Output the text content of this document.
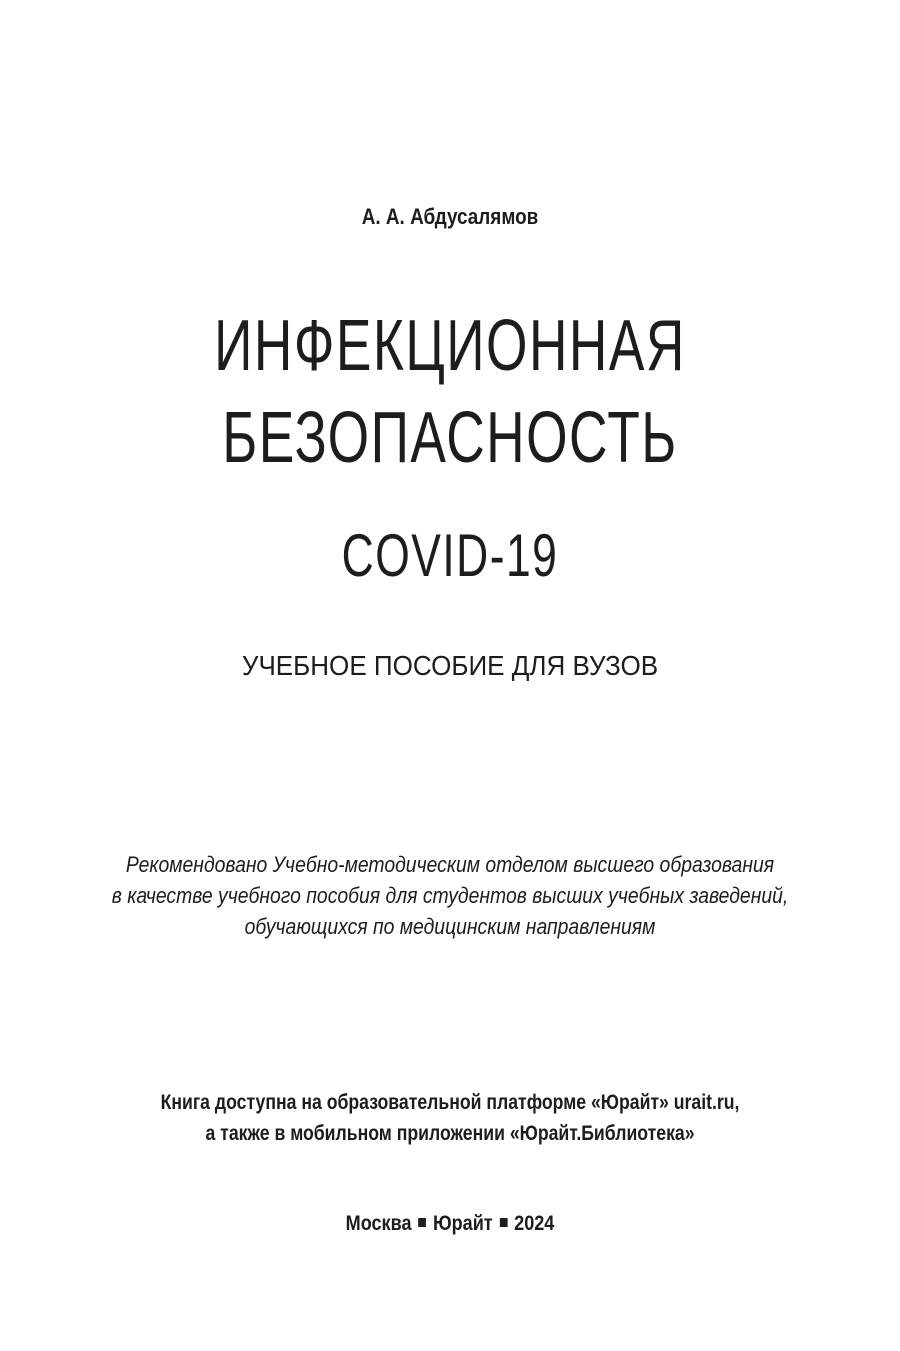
А. А. Абдусалямов
ИНФЕКЦИОННАЯ
БЕЗОПАСНОСТЬ
COVID-19
УЧЕБНОЕ ПОСОБИЕ ДЛЯ ВУЗОВ
Рекомендовано Учебно-методическим отделом высшего образования
в качестве учебного пособия для студентов высших учебных заведений,
обучающихся по медицинским направлениям
Книга доступна на образовательной платформе «Юрайт» urait.ru,
а также в мобильном приложении «Юрайт.Библиотека»
Москва Юрайт 2024
